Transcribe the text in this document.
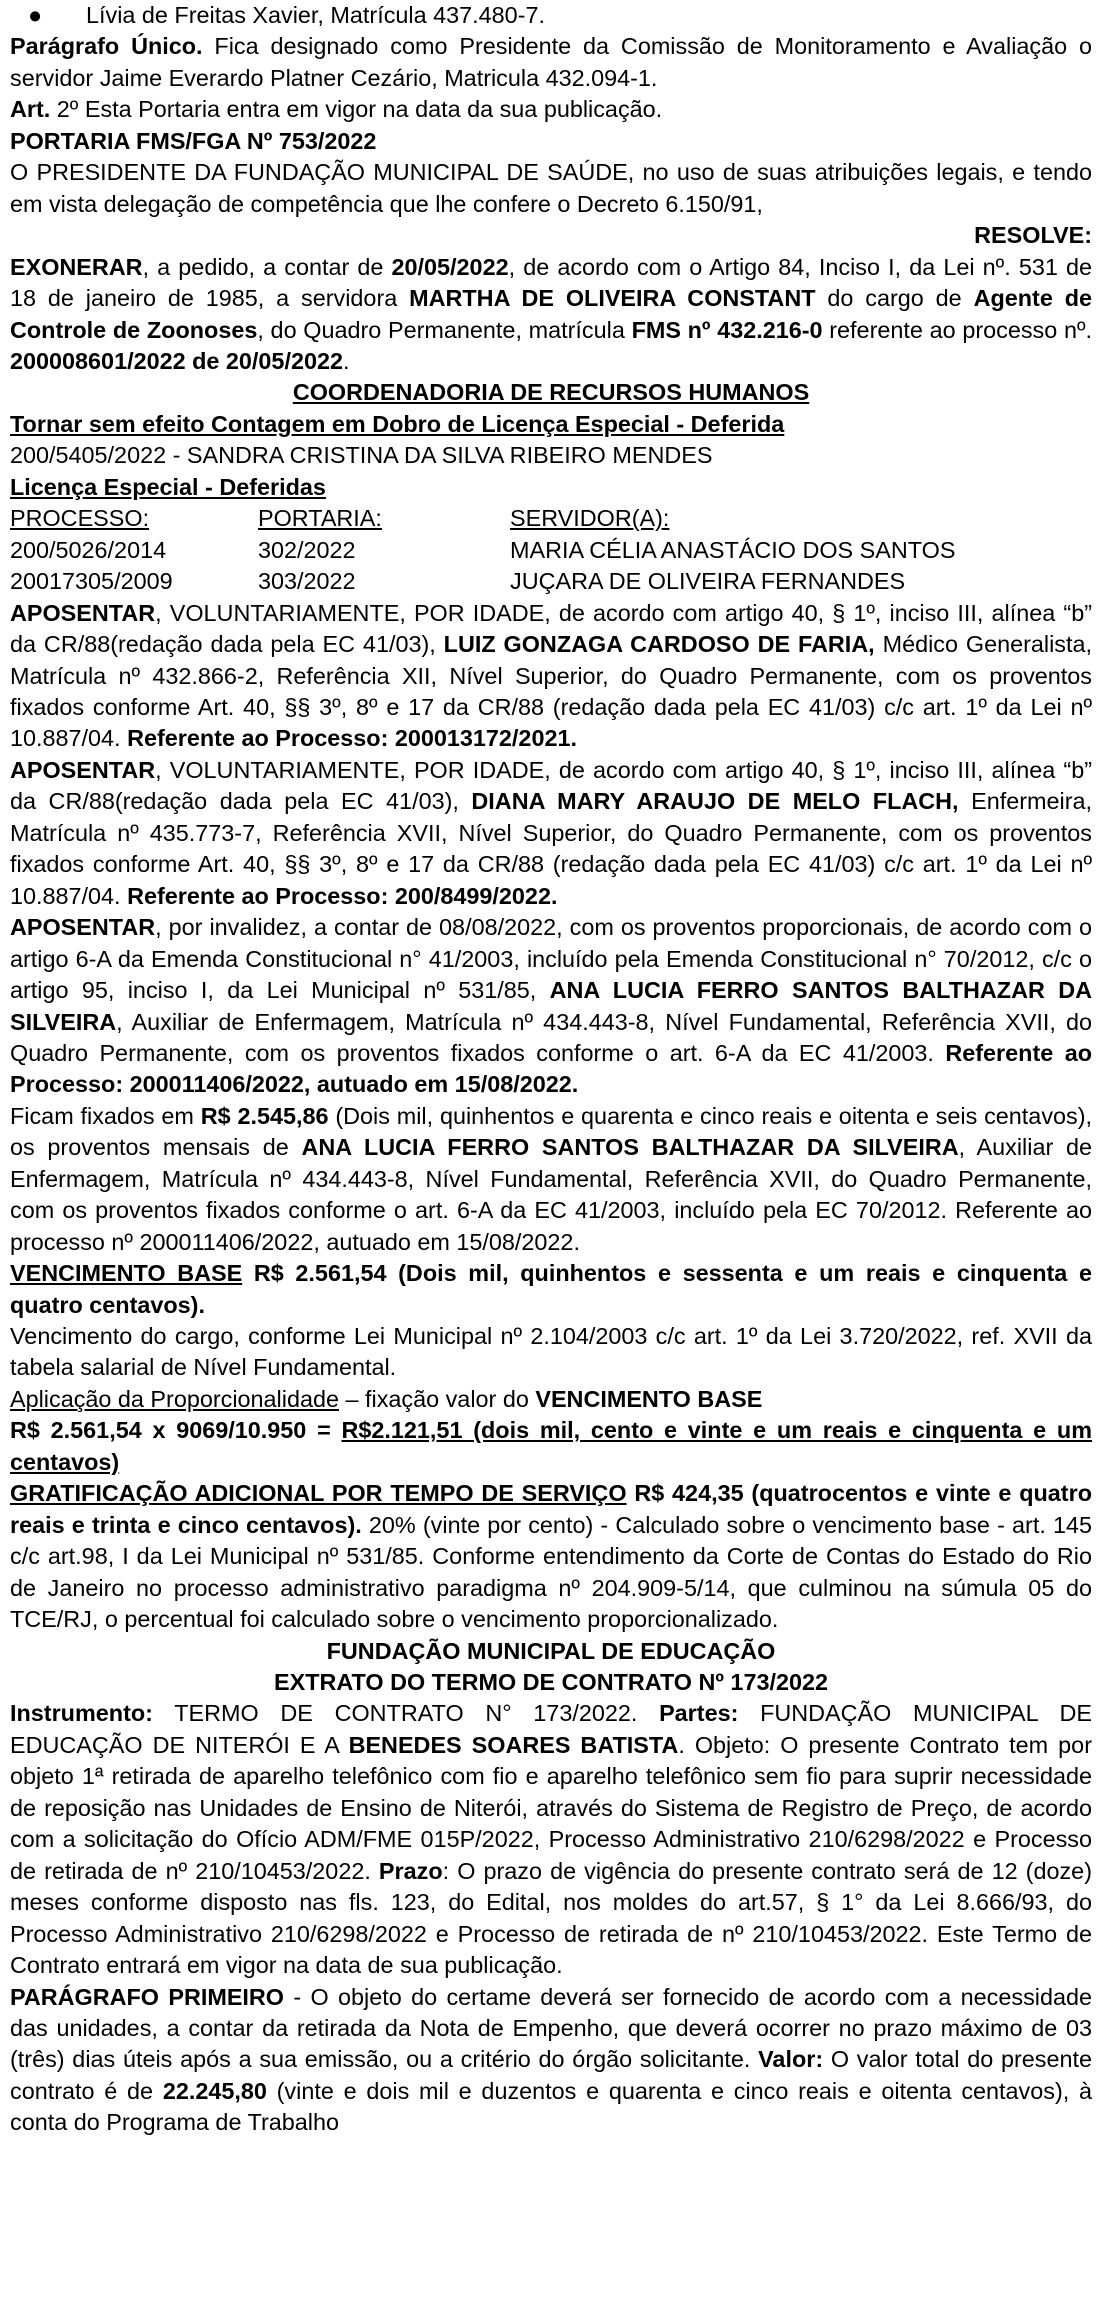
● Lívia de Freitas Xavier, Matrícula 437.480-7.

Parágrafo Único. Fica designado como Presidente da Comissão de Monitoramento e Avaliação o servidor Jaime Everardo Platner Cezário, Matricula 432.094-1.

Art. 2º Esta Portaria entra em vigor na data da sua publicação.

PORTARIA FMS/FGA Nº 753/2022

O PRESIDENTE DA FUNDAÇÃO MUNICIPAL DE SAÚDE, no uso de suas atribuições legais, e tendo em vista delegação de competência que lhe confere o Decreto 6.150/91,

RESOLVE:

EXONERAR, a pedido, a contar de 20/05/2022, de acordo com o Artigo 84, Inciso I, da Lei nº. 531 de 18 de janeiro de 1985, a servidora MARTHA DE OLIVEIRA CONSTANT do cargo de Agente de Controle de Zoonoses, do Quadro Permanente, matrícula FMS nº 432.216-0 referente ao processo nº. 200008601/2022 de 20/05/2022.

COORDENADORIA DE RECURSOS HUMANOS

Tornar sem efeito Contagem em Dobro de Licença Especial - Deferida

200/5405/2022 - SANDRA CRISTINA DA SILVA RIBEIRO MENDES

Licença Especial - Deferidas

PROCESSO:	PORTARIA:	SERVIDOR(A):
200/5026/2014	302/2022	MARIA CÉLIA ANASTÁCIO DOS SANTOS
20017305/2009	303/2022	JUÇARA DE OLIVEIRA FERNANDES

APOSENTAR, VOLUNTARIAMENTE, POR IDADE, de acordo com artigo 40, § 1º, inciso III, alínea “b” da CR/88(redação dada pela EC 41/03), LUIZ GONZAGA CARDOSO DE FARIA, Médico Generalista, Matrícula nº 432.866-2, Referência XII, Nível Superior, do Quadro Permanente, com os proventos fixados conforme Art. 40, §§ 3º, 8º e 17 da CR/88 (redação dada pela EC 41/03) c/c art. 1º da Lei nº 10.887/04. Referente ao Processo: 200013172/2021.

APOSENTAR, VOLUNTARIAMENTE, POR IDADE, de acordo com artigo 40, § 1º, inciso III, alínea “b” da CR/88(redação dada pela EC 41/03), DIANA MARY ARAUJO DE MELO FLACH, Enfermeira, Matrícula nº 435.773-7, Referência XVII, Nível Superior, do Quadro Permanente, com os proventos fixados conforme Art. 40, §§ 3º, 8º e 17 da CR/88 (redação dada pela EC 41/03) c/c art. 1º da Lei nº 10.887/04. Referente ao Processo: 200/8499/2022.

APOSENTAR, por invalidez, a contar de 08/08/2022, com os proventos proporcionais, de acordo com o artigo 6-A da Emenda Constitucional n° 41/2003, incluído pela Emenda Constitucional n° 70/2012, c/c o artigo 95, inciso I, da Lei Municipal nº 531/85, ANA LUCIA FERRO SANTOS BALTHAZAR DA SILVEIRA, Auxiliar de Enfermagem, Matrícula nº 434.443-8, Nível Fundamental, Referência XVII, do Quadro Permanente, com os proventos fixados conforme o art. 6-A da EC 41/2003. Referente ao Processo: 200011406/2022, autuado em 15/08/2022.

Ficam fixados em R$ 2.545,86 (Dois mil, quinhentos e quarenta e cinco reais e oitenta e seis centavos), os proventos mensais de ANA LUCIA FERRO SANTOS BALTHAZAR DA SILVEIRA, Auxiliar de Enfermagem, Matrícula nº 434.443-8, Nível Fundamental, Referência XVII, do Quadro Permanente, com os proventos fixados conforme o art. 6-A da EC 41/2003, incluído pela EC 70/2012. Referente ao processo nº 200011406/2022, autuado em 15/08/2022.

VENCIMENTO BASE R$ 2.561,54 (Dois mil, quinhentos e sessenta e um reais e cinquenta e quatro centavos).

Vencimento do cargo, conforme Lei Municipal nº 2.104/2003 c/c art. 1º da Lei 3.720/2022, ref. XVII da tabela salarial de Nível Fundamental.

Aplicação da Proporcionalidade – fixação valor do VENCIMENTO BASE

R$ 2.561,54 x 9069/10.950 = R$2.121,51 (dois mil, cento e vinte e um reais e cinquenta e um centavos)

GRATIFICAÇÃO ADICIONAL POR TEMPO DE SERVIÇO R$ 424,35 (quatrocentos e vinte e quatro reais e trinta e cinco centavos). 20% (vinte por cento) - Calculado sobre o vencimento base - art. 145 c/c art.98, I da Lei Municipal nº 531/85. Conforme entendimento da Corte de Contas do Estado do Rio de Janeiro no processo administrativo paradigma nº 204.909-5/14, que culminou na súmula 05 do TCE/RJ, o percentual foi calculado sobre o vencimento proporcionalizado.

FUNDAÇÃO MUNICIPAL DE EDUCAÇÃO

EXTRATO DO TERMO DE CONTRATO Nº 173/2022

Instrumento: TERMO DE CONTRATO N° 173/2022. Partes: FUNDAÇÃO MUNICIPAL DE EDUCAÇÃO DE NITERÓI E A BENEDES SOARES BATISTA. Objeto: O presente Contrato tem por objeto 1ª retirada de aparelho telefônico com fio e aparelho telefônico sem fio para suprir necessidade de reposição nas Unidades de Ensino de Niterói, através do Sistema de Registro de Preço, de acordo com a solicitação do Ofício ADM/FME 015P/2022, Processo Administrativo 210/6298/2022 e Processo de retirada de nº 210/10453/2022. Prazo: O prazo de vigência do presente contrato será de 12 (doze) meses conforme disposto nas fls. 123, do Edital, nos moldes do art.57, § 1° da Lei 8.666/93, do Processo Administrativo 210/6298/2022 e Processo de retirada de nº 210/10453/2022. Este Termo de Contrato entrará em vigor na data de sua publicação.

PARÁGRAFO PRIMEIRO - O objeto do certame deverá ser fornecido de acordo com a necessidade das unidades, a contar da retirada da Nota de Empenho, que deverá ocorrer no prazo máximo de 03 (três) dias úteis após a sua emissão, ou a critério do órgão solicitante. Valor: O valor total do presente contrato é de 22.245,80 (vinte e dois mil e duzentos e quarenta e cinco reais e oitenta centavos), à conta do Programa de Trabalho
